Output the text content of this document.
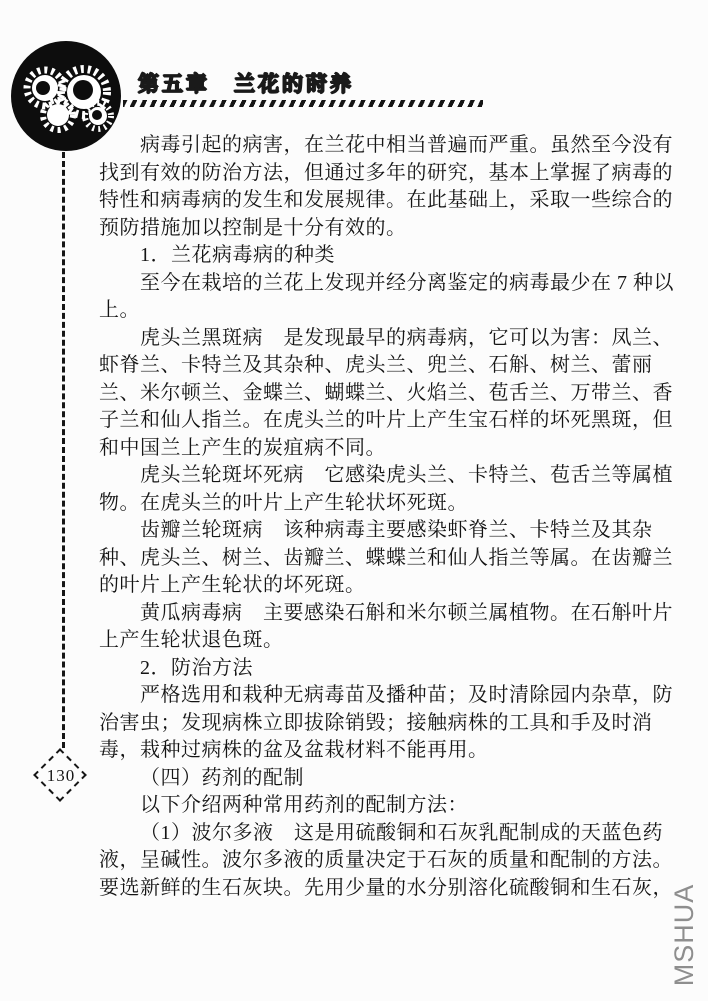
第五章　兰花的莳养
130
病毒引起的病害，在兰花中相当普遍而严重。虽然至今没有
找到有效的防治方法，但通过多年的研究，基本上掌握了病毒的
特性和病毒病的发生和发展规律。在此基础上，采取一些综合的
预防措施加以控制是十分有效的。
1．兰花病毒病的种类
至今在栽培的兰花上发现并经分离鉴定的病毒最少在 7 种以
上。
虎头兰黑斑病　是发现最早的病毒病，它可以为害：凤兰、
虾脊兰、卡特兰及其杂种、虎头兰、兜兰、石斛、树兰、蕾丽
兰、米尔顿兰、金蝶兰、蝴蝶兰、火焰兰、苞舌兰、万带兰、香
子兰和仙人指兰。在虎头兰的叶片上产生宝石样的坏死黑斑，但
和中国兰上产生的炭疽病不同。
虎头兰轮斑坏死病　它感染虎头兰、卡特兰、苞舌兰等属植
物。在虎头兰的叶片上产生轮状坏死斑。
齿瓣兰轮斑病　该种病毒主要感染虾脊兰、卡特兰及其杂
种、虎头兰、树兰、齿瓣兰、蝶蝶兰和仙人指兰等属。在齿瓣兰
的叶片上产生轮状的坏死斑。
黄瓜病毒病　主要感染石斛和米尔顿兰属植物。在石斛叶片
上产生轮状退色斑。
2．防治方法
严格选用和栽种无病毒苗及播种苗；及时清除园内杂草，防
治害虫；发现病株立即拔除销毁；接触病株的工具和手及时消
毒，栽种过病株的盆及盆栽材料不能再用。
（四）药剂的配制
以下介绍两种常用药剂的配制方法：
（1）波尔多液　这是用硫酸铜和石灰乳配制成的天蓝色药
液，呈碱性。波尔多液的质量决定于石灰的质量和配制的方法。
要选新鲜的生石灰块。先用少量的水分别溶化硫酸铜和生石灰，
MSHUA
